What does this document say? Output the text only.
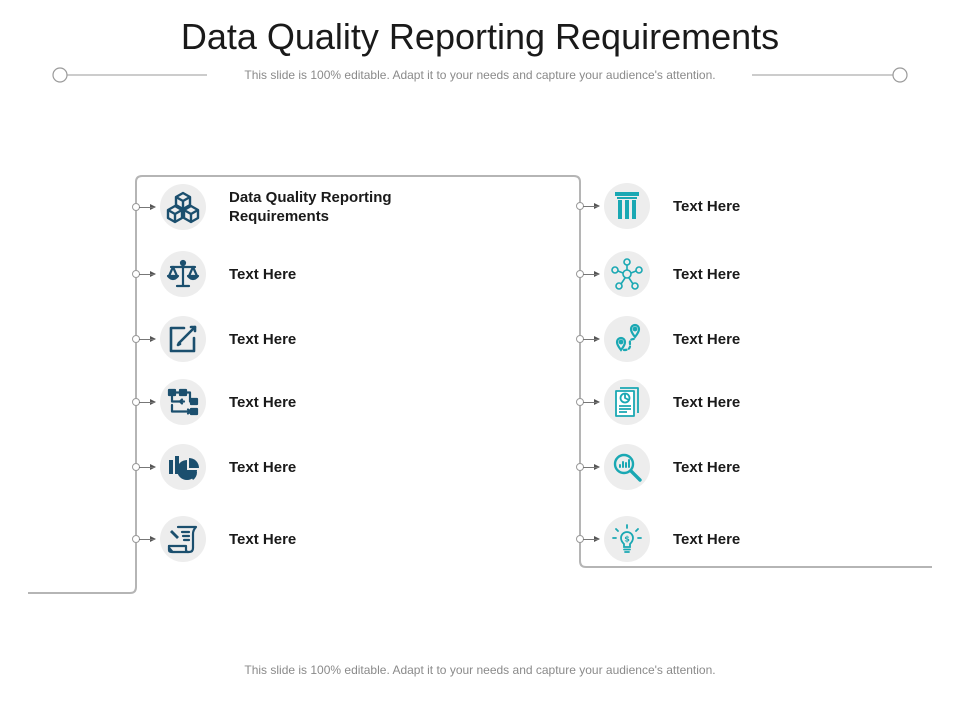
Data Quality Reporting Requirements
This slide is 100% editable. Adapt it to your needs and capture your audience's attention.
Data Quality Reporting Requirements
Text Here
Text Here
Text Here
Text Here
Text Here
Text Here
Text Here
Text Here
Text Here
Text Here
$	Text Here
This slide is 100% editable. Adapt it to your needs and capture your audience's attention.
